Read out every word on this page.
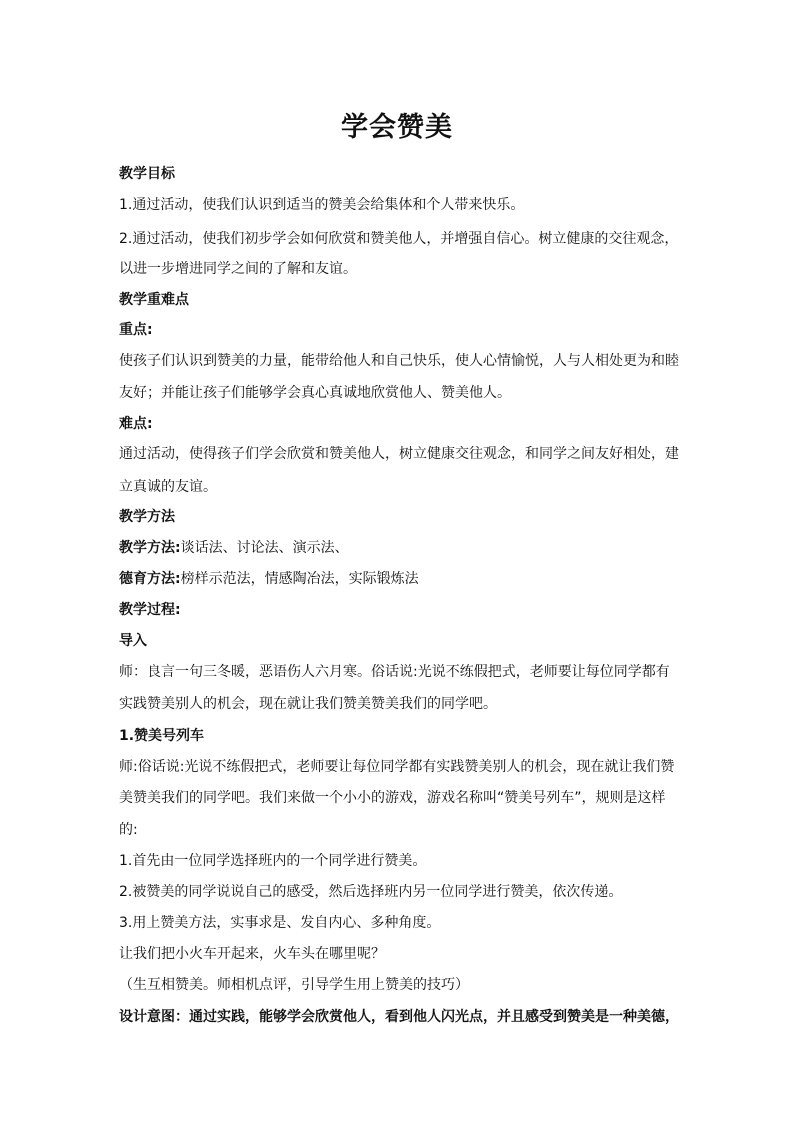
学会赞美
教学目标
1.通过活动，使我们认识到适当的赞美会给集体和个人带来快乐。
2.通过活动，使我们初步学会如何欣赏和赞美他人，并增强自信心。树立健康的交往观念，
以进一步增进同学之间的了解和友谊。
教学重难点
重点:
使孩子们认识到赞美的力量，能带给他人和自己快乐，使人心情愉悦，人与人相处更为和睦
友好；并能让孩子们能够学会真心真诚地欣赏他人、赞美他人。
难点:
通过活动，使得孩子们学会欣赏和赞美他人，树立健康交往观念，和同学之间友好相处，建
立真诚的友谊。
教学方法
教学方法:谈话法、讨论法、演示法、
德育方法:榜样示范法，情感陶冶法，实际锻炼法
教学过程:
导入
师：良言一句三冬暖，恶语伤人六月寒。俗话说:光说不练假把式，老师要让每位同学都有
实践赞美别人的机会，现在就让我们赞美赞美我们的同学吧。
1.赞美号列车
师:俗话说:光说不练假把式，老师要让每位同学都有实践赞美别人的机会，现在就让我们赞
美赞美我们的同学吧。我们来做一个小小的游戏，游戏名称叫“赞美号列车”，规则是这样
的:
1.首先由一位同学选择班内的一个同学进行赞美。
2.被赞美的同学说说自己的感受，然后选择班内另一位同学进行赞美，依次传递。
3.用上赞美方法，实事求是、发自内心、多种角度。
让我们把小火车开起来，火车头在哪里呢？
（生互相赞美。师相机点评，引导学生用上赞美的技巧）
设计意图：通过实践，能够学会欣赏他人，看到他人闪光点，并且感受到赞美是一种美德，
